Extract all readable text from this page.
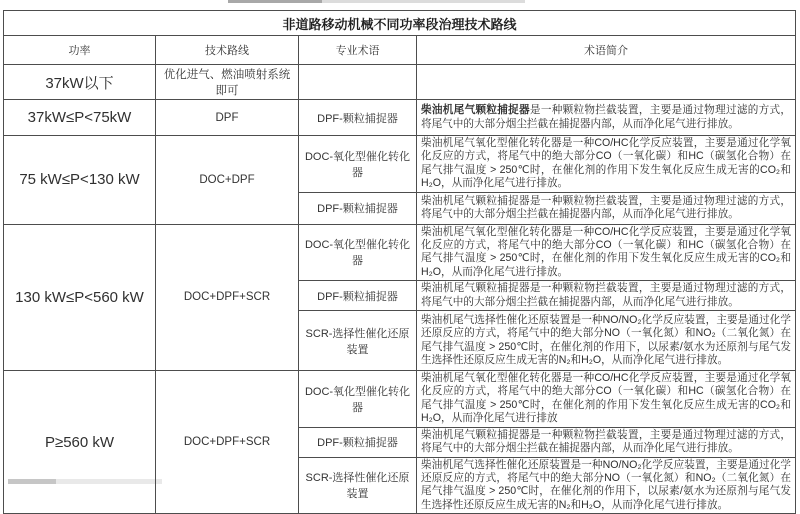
非道路移动机械不同功率段治理技术路线			
功率	技术路线	专业术语	术语简介
37kW以下	优化进气、燃油喷射系统即可		
37kW≤P<75kW	DPF	DPF-颗粒捕捉器	柴油机尾气颗粒捕捉器是一种颗粒物拦截装置，主要是通过物理过滤的方式，将尾气中的大部分烟尘拦截在捕捉器内部，从而净化尾气进行排放。
75 kW≤P<130 kW	DOC+DPF	DOC-氧化型催化转化器	柴油机尾气氧化型催化转化器是一种CO/HC化学反应装置，主要是通过化学氧化反应的方式，将尾气中的绝大部分CO（一氧化碳）和HC（碳氢化合物）在尾气排气温度 > 250℃时，在催化剂的作用下发生氧化反应生成无害的CO₂和H₂O，从而净化尾气进行排放。
		DPF-颗粒捕捉器	柴油机尾气颗粒捕捉器是一种颗粒物拦截装置，主要是通过物理过滤的方式，将尾气中的大部分烟尘拦截在捕捉器内部，从而净化尾气进行排放。
130 kW≤P<560 kW	DOC+DPF+SCR	DOC-氧化型催化转化器	柴油机尾气氧化型催化转化器是一种CO/HC化学反应装置，主要是通过化学氧化反应的方式，将尾气中的绝大部分CO（一氧化碳）和HC（碳氢化合物）在尾气排气温度 > 250℃时，在催化剂的作用下发生氧化反应生成无害的CO₂和H₂O，从而净化尾气进行排放。
		DPF-颗粒捕捉器	柴油机尾气颗粒捕捉器是一种颗粒物拦截装置，主要是通过物理过滤的方式，将尾气中的大部分烟尘拦截在捕捉器内部，从而净化尾气进行排放。
		SCR-选择性催化还原装置	柴油机尾气选择性催化还原装置是一种NO/NO₂化学反应装置，主要是通过化学还原反应的方式，将尾气中的绝大部分NO（一氧化氮）和NO₂（二氧化氮）在尾气排气温度 > 250℃时，在催化剂的作用下，以尿素/氨水为还原剂与尾气发生选择性还原反应生成无害的N₂和H₂O，从而净化尾气进行排放。
P≥560 kW	DOC+DPF+SCR	DOC-氧化型催化转化器	柴油机尾气氧化型催化转化器是一种CO/HC化学反应装置，主要是通过化学氧化反应的方式，将尾气中的绝大部分CO（一氧化碳）和HC（碳氢化合物）在尾气排气温度 > 250℃时，在催化剂的作用下发生氧化反应生成无害的CO₂和H₂O，从而净化尾气进行排放
		DPF-颗粒捕捉器	柴油机尾气颗粒捕捉器是一种颗粒物拦截装置，主要是通过物理过滤的方式，将尾气中的大部分烟尘拦截在捕捉器内部，从而净化尾气进行排放。
		SCR-选择性催化还原装置	柴油机尾气选择性催化还原装置是一种NO/NO₂化学反应装置，主要是通过化学还原反应的方式，将尾气中的绝大部分NO（一氧化氮）和NO₂（二氧化氮）在尾气排气温度 > 250℃时，在催化剂的作用下，以尿素/氨水为还原剂与尾气发生选择性还原反应生成无害的N₂和H₂O，从而净化尾气进行排放。
